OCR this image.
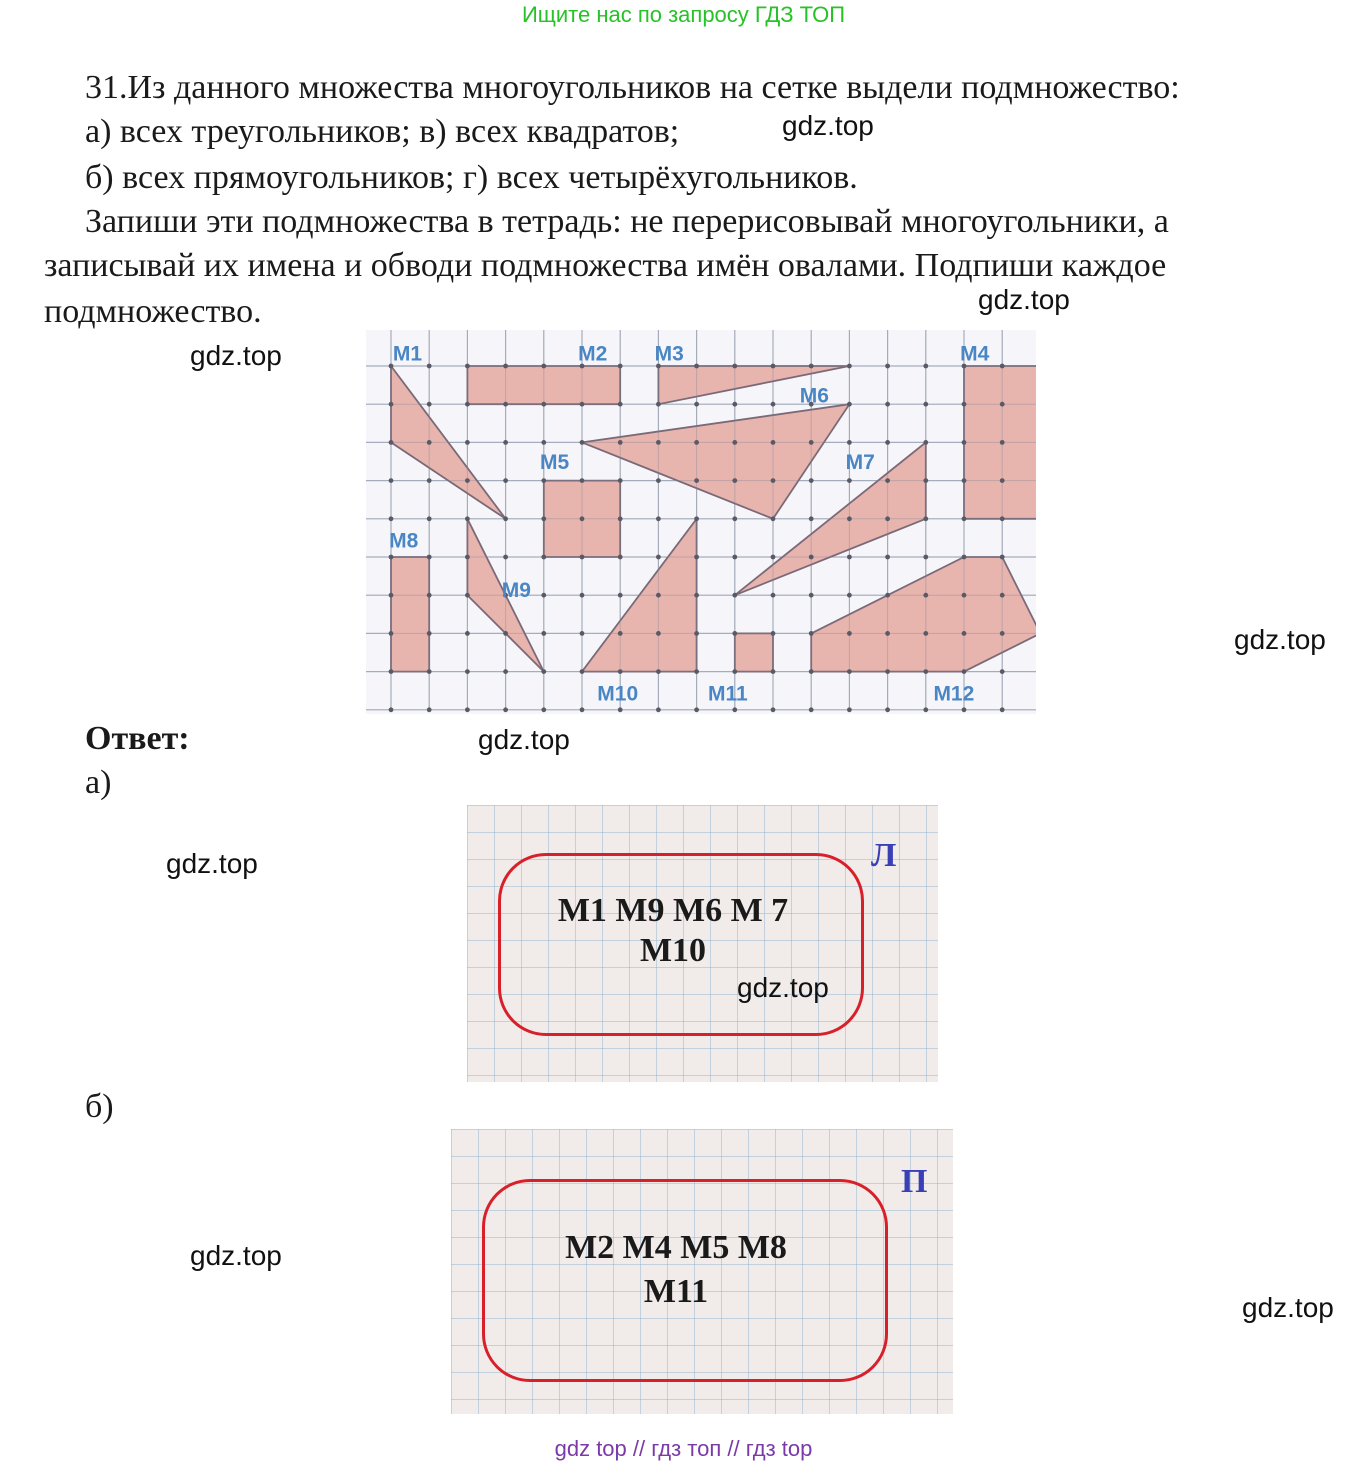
Ищите нас по запросу ГДЗ ТОП
31.Из данного множества многоугольников на сетке выдели подмножество:
а) всех треугольников; в) всех квадратов;	gdz.top
б) всех прямоугольников; г) всех четырёхугольников.
Запиши эти подмножества в тетрадь: не перерисовывай многоугольники, а
записывай их имена и обводи подмножества имён овалами. Подпиши каждое
подмножество.	gdz.top
gdz.top	M1	M2 M3	M4
M5
M6
M7
M8
M9
M10	M11	M12
gdz.top
Ответ:	gdz.top
а)
gdz.top	Л
M1 M9 M6 M 7
M10
gdz.top
б)
gdz.top
П
M2 M4 M5 M8
M11	gdz.top
gdz top // гдз топ // гдз top
